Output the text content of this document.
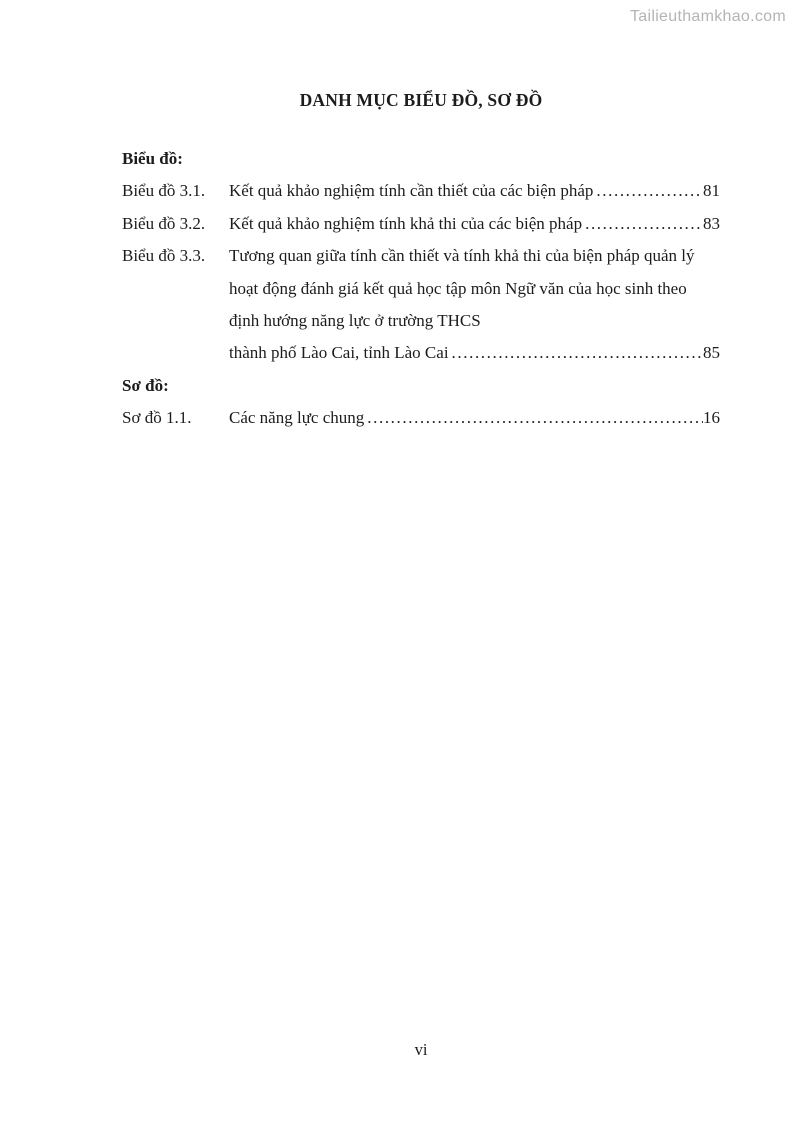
Tailieuthamkhao.com
DANH MỤC BIỂU ĐỒ, SƠ ĐỒ
Biểu đồ:
Biểu đồ 3.1.	Kết quả khảo nghiệm tính cần thiết của các biện pháp .....	81
Biểu đồ 3.2.	Kết quả khảo nghiệm tính khả thi của các biện pháp .....	83
Biểu đồ 3.3.	Tương quan giữa tính cần thiết và tính khả thi của biện pháp quản lý hoạt động đánh giá kết quả học tập môn Ngữ văn của học sinh theo định hướng năng lực ở trường THCS
thành phố Lào Cai, tỉnh Lào Cai .....	85
Sơ đồ:
Sơ đồ 1.1.	Các năng lực chung .....	16
vi
